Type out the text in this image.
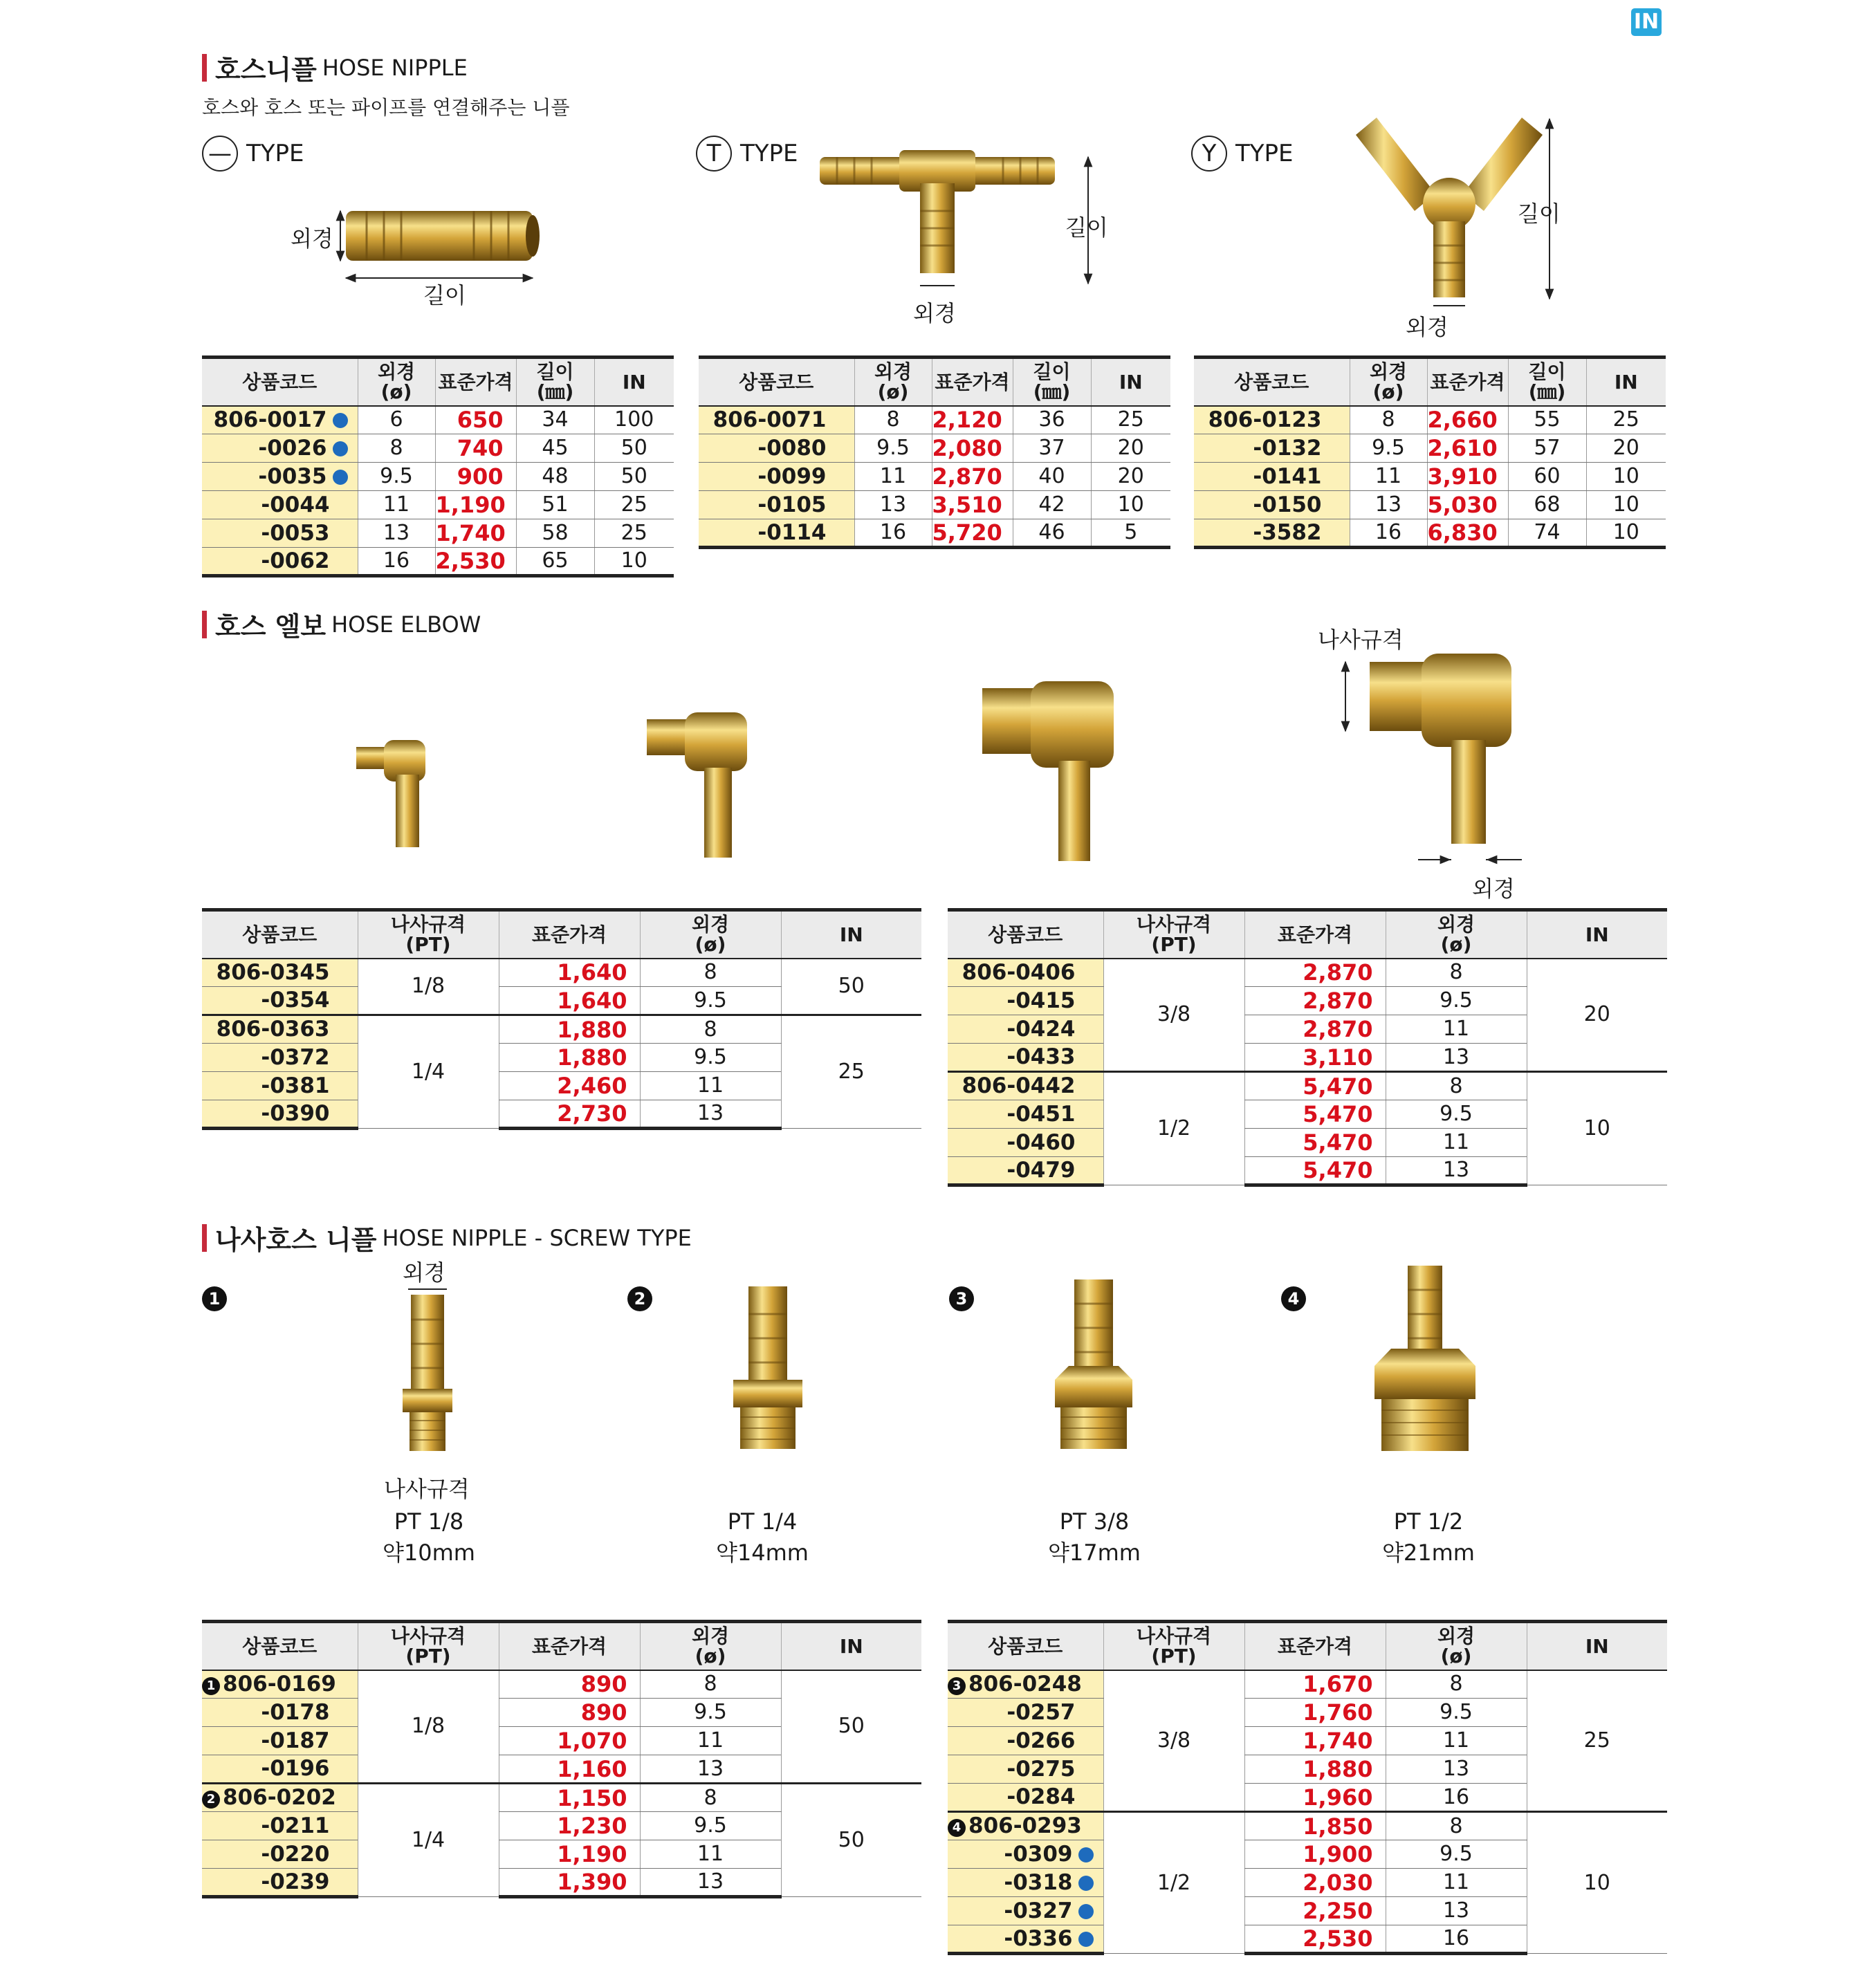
IN
호스니플 HOSE NIPPLE
호스와 호스 또는 파이프를 연결해주는 니플
— TYPE	T TYPE	Y TYPE
외경
길이
길이
외경
길이
외경
상품코드	외경
(ø)	표준가격	길이
(㎜)	IN
806-0017	6	650	34	100
-0026	8	740	45	50
-0035	9.5	900	48	50
-0044	11	1,190	51	25
-0053	13	1,740	58	25
-0062	16	2,530	65	10
상품코드	외경
(ø)	표준가격	길이
(㎜)	IN
806-0071	8	2,120	36	25
-0080	9.5	2,080	37	20
-0099	11	2,870	40	20
-0105	13	3,510	42	10
-0114	16	5,720	46	5
상품코드	외경
(ø)	표준가격	길이
(㎜)	IN
806-0123	8	2,660	55	25
-0132	9.5	2,610	57	20
-0141	11	3,910	60	10
-0150	13	5,030	68	10
-3582	16	6,830	74	10
호스 엘보 HOSE ELBOW
나사규격
외경
상품코드	나사규격
(PT)	표준가격	외경
(ø)	IN
806-0345	1/8	1,640	8	50
-0354		1,640	9.5	
806-0363	1/4	1,880	8	25
-0372		1,880	9.5	
-0381		2,460	11	
-0390		2,730	13	
상품코드	나사규격
(PT)	표준가격	외경
(ø)	IN
806-0406	3/8	2,870	8	20
-0415		2,870	9.5	
-0424		2,870	11	
-0433		3,110	13	
806-0442	1/2	5,470	8	10
-0451		5,470	9.5	
-0460		5,470	11	
-0479		5,470	13	
나사호스 니플 HOSE NIPPLE - SCREW TYPE
1	2	3	4
외경
나사규격
PT 1/8
약10mm
PT 1/4
약14mm
PT 3/8
약17mm
PT 1/2
약21mm
상품코드	나사규격
(PT)	표준가격	외경
(ø)	IN
1 806-0169	1/8	890	8	50
-0178		890	9.5	
-0187		1,070	11	
-0196		1,160	13	
2 806-0202	1/4	1,150	8	50
-0211		1,230	9.5	
-0220		1,190	11	
-0239		1,390	13	
상품코드	나사규격
(PT)	표준가격	외경
(ø)	IN
3 806-0248	3/8	1,670	8	25
-0257		1,760	9.5	
-0266		1,740	11	
-0275		1,880	13	
-0284		1,960	16	
4 806-0293	1/2	1,850	8	10
-0309		1,900	9.5	
-0318		2,030	11	
-0327		2,250	13	
-0336		2,530	16	
